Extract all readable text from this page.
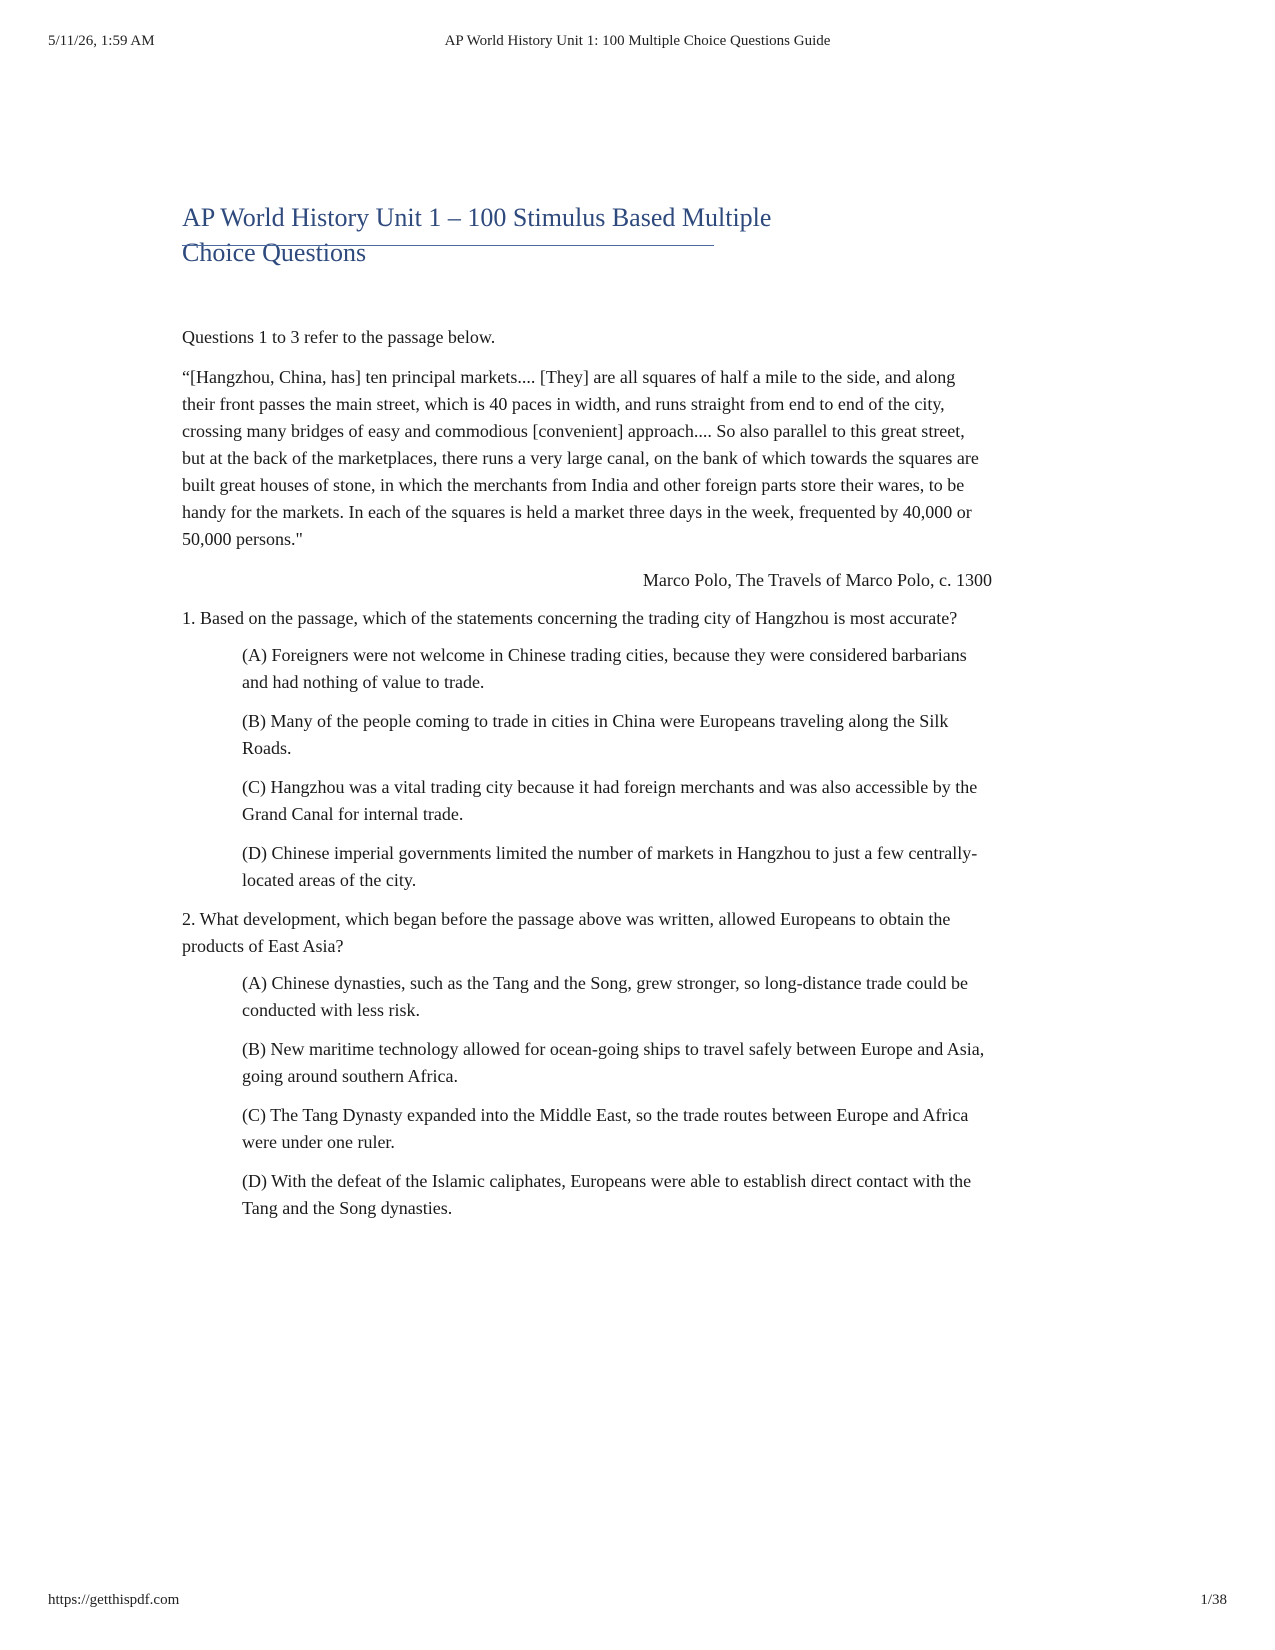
5/11/26, 1:59 AM	AP World History Unit 1: 100 Multiple Choice Questions Guide
AP World History Unit 1 – 100 Stimulus Based Multiple Choice Questions

Questions 1 to 3 refer to the passage below.

“[Hangzhou, China, has] ten principal markets.... [They] are all squares of half a mile to the side, and along their front passes the main street, which is 40 paces in width, and runs straight from end to end of the city, crossing many bridges of easy and commodious [convenient] approach.... So also parallel to this great street, but at the back of the marketplaces, there runs a very large canal, on the bank of which towards the squares are built great houses of stone, in which the merchants from India and other foreign parts store their wares, to be handy for the markets. In each of the squares is held a market three days in the week, frequented by 40,000 or 50,000 persons."

Marco Polo, The Travels of Marco Polo, c. 1300

1. Based on the passage, which of the statements concerning the trading city of Hangzhou is most accurate?

(A) Foreigners were not welcome in Chinese trading cities, because they were considered barbarians and had nothing of value to trade.
(B) Many of the people coming to trade in cities in China were Europeans traveling along the Silk Roads.
(C) Hangzhou was a vital trading city because it had foreign merchants and was also accessible by the Grand Canal for internal trade.
(D) Chinese imperial governments limited the number of markets in Hangzhou to just a few centrally-located areas of the city.

2. What development, which began before the passage above was written, allowed Europeans to obtain the products of East Asia?

(A) Chinese dynasties, such as the Tang and the Song, grew stronger, so long-distance trade could be conducted with less risk.
(B) New maritime technology allowed for ocean-going ships to travel safely between Europe and Asia, going around southern Africa.
(C) The Tang Dynasty expanded into the Middle East, so the trade routes between Europe and Africa were under one ruler.
(D) With the defeat of the Islamic caliphates, Europeans were able to establish direct contact with the Tang and the Song dynasties.
https://getthispdf.com	1/38
